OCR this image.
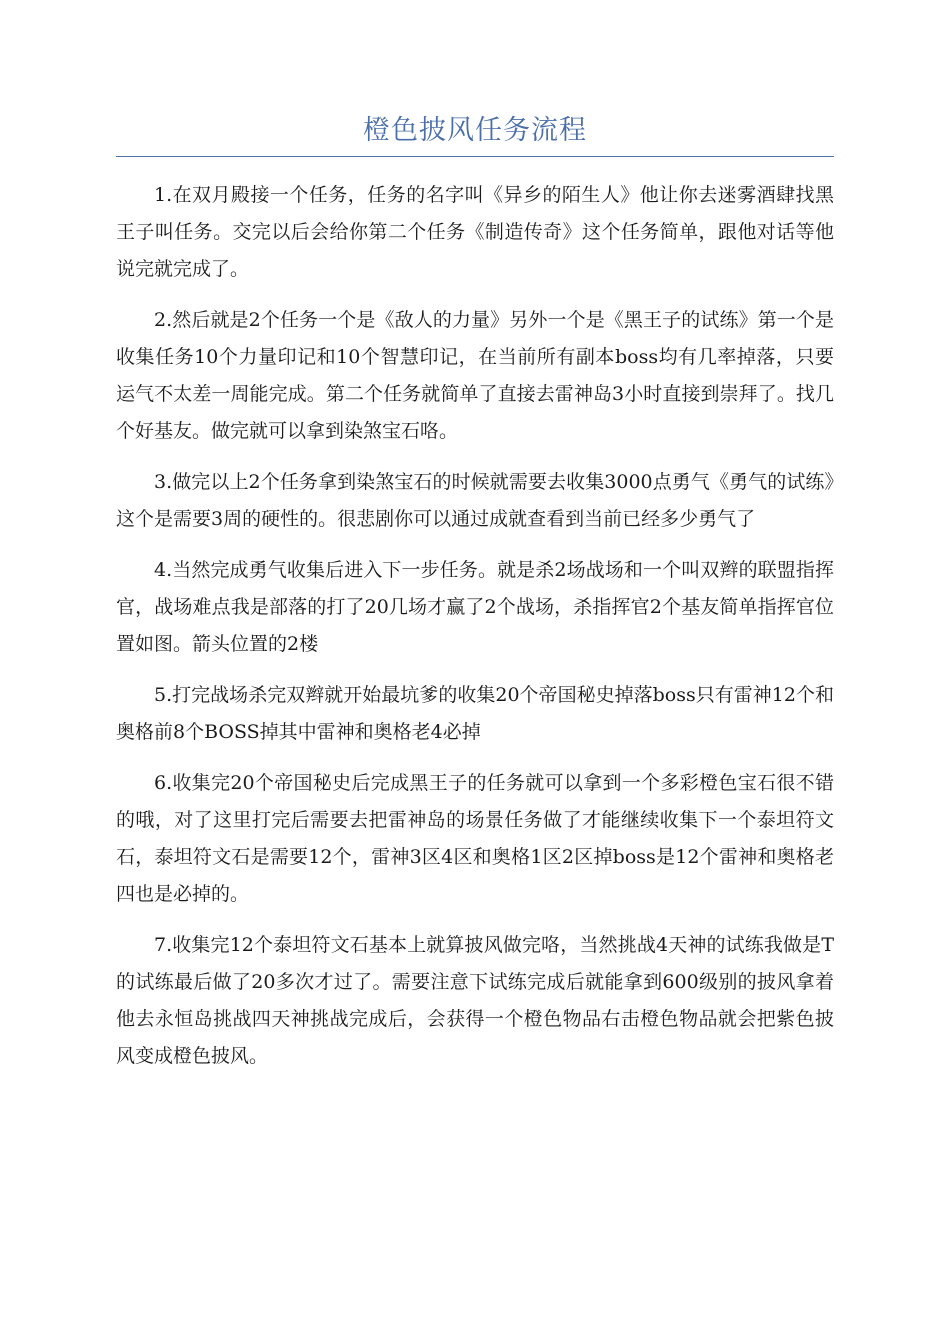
橙色披风任务流程

1.在双月殿接一个任务，任务的名字叫《异乡的陌生人》他让你去迷雾酒肆找黑王子叫任务。交完以后会给你第二个任务《制造传奇》这个任务简单，跟他对话等他说完就完成了。

2.然后就是2个任务一个是《敌人的力量》另外一个是《黑王子的试练》第一个是收集任务10个力量印记和10个智慧印记，在当前所有副本boss均有几率掉落，只要运气不太差一周能完成。第二个任务就简单了直接去雷神岛3小时直接到崇拜了。找几个好基友。做完就可以拿到染煞宝石咯。

3.做完以上2个任务拿到染煞宝石的时候就需要去收集3000点勇气《勇气的试练》这个是需要3周的硬性的。很悲剧你可以通过成就查看到当前已经多少勇气了

4.当然完成勇气收集后进入下一步任务。就是杀2场战场和一个叫双辫的联盟指挥官，战场难点我是部落的打了20几场才赢了2个战场，杀指挥官2个基友简单指挥官位置如图。箭头位置的2楼

5.打完战场杀完双辫就开始最坑爹的收集20个帝国秘史掉落boss只有雷神12个和奥格前8个BOSS掉其中雷神和奥格老4必掉

6.收集完20个帝国秘史后完成黑王子的任务就可以拿到一个多彩橙色宝石很不错的哦，对了这里打完后需要去把雷神岛的场景任务做了才能继续收集下一个泰坦符文石，泰坦符文石是需要12个，雷神3区4区和奥格1区2区掉boss是12个雷神和奥格老四也是必掉的。

7.收集完12个泰坦符文石基本上就算披风做完咯，当然挑战4天神的试练我做是T的试练最后做了20多次才过了。需要注意下试练完成后就能拿到600级别的披风拿着他去永恒岛挑战四天神挑战完成后，会获得一个橙色物品右击橙色物品就会把紫色披风变成橙色披风。
